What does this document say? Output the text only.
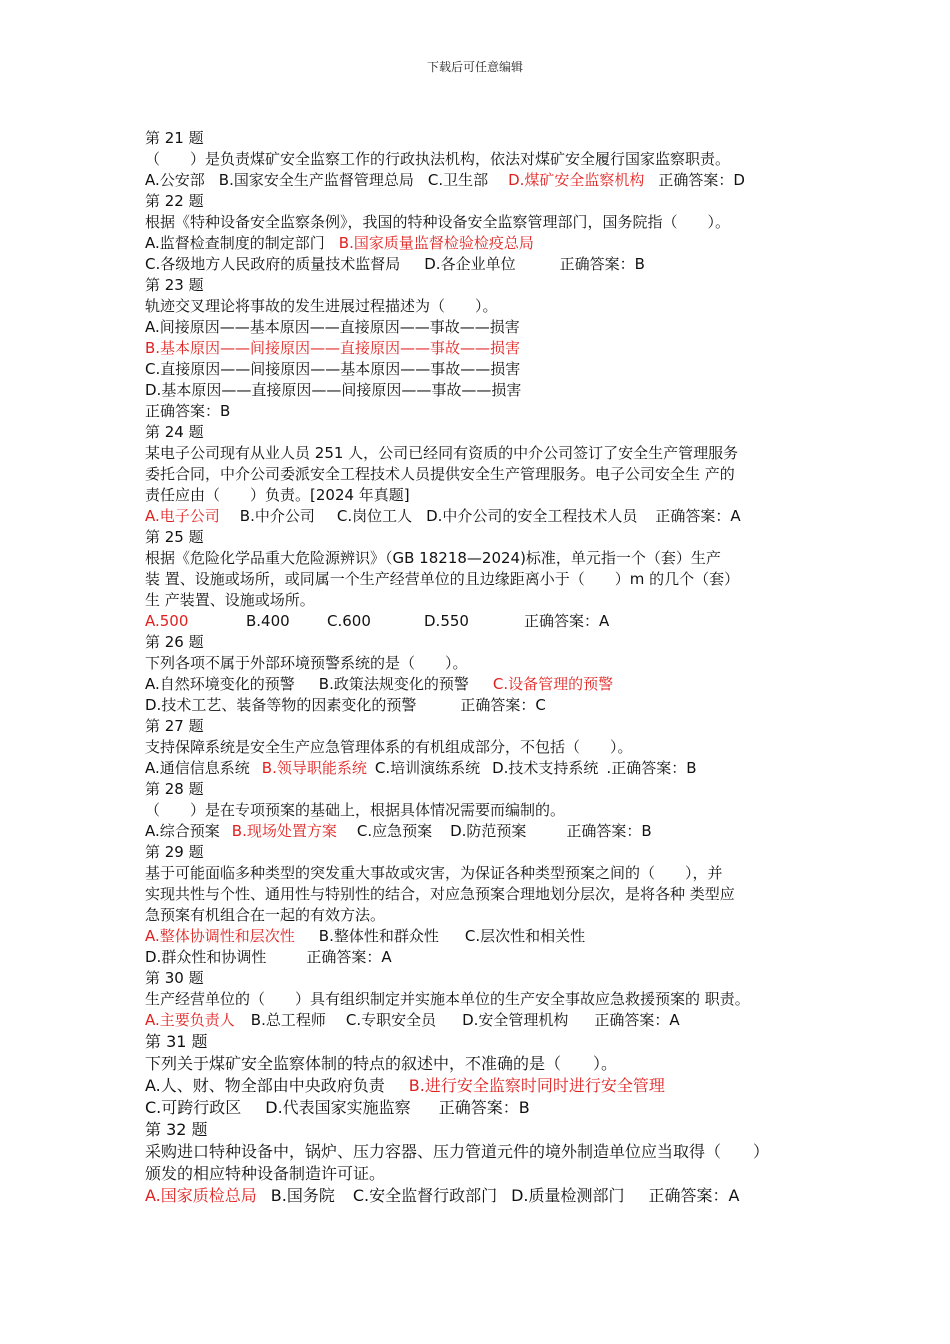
下载后可任意编辑
第 21 题
（　　）是负责煤矿安全监察工作的行政执法机构，依法对煤矿安全履行国家监察职责。
A.公安部 B.国家安全生产监督管理总局 C.卫生部 D.煤矿安全监察机构 正确答案：D
第 22 题
根据《特种设备安全监察条例》，我国的特种设备安全监察管理部门，国务院指（　　）。
A.监督检查制度的制定部门 B.国家质量监督检验检疫总局
C.各级地方人民政府的质量技术监督局 D.各企业单位	正确答案：B
第 23 题
轨迹交叉理论将事故的发生进展过程描述为（　　）。
A.间接原因——基本原因——直接原因——事故——损害
B.基本原因——间接原因——直接原因——事故——损害
C.直接原因——间接原因——基本原因——事故——损害
D.基本原因——直接原因——间接原因——事故——损害
正确答案：B
第 24 题
某电子公司现有从业人员 251 人，公司已经同有资质的中介公司签订了安全生产管理服务
委托合同，中介公司委派安全工程技术人员提供安全生产管理服务。电子公司安全生 产的
责任应由（　　）负责。[2024 年真题]
A.电子公司 B.中介公司 C.岗位工人 D.中介公司的安全工程技术人员 正确答案：A
第 25 题
根据《危险化学品重大危险源辨识》（GB 18218—2024)标准，单元指一个（套）生产
装 置、设施或场所，或同属一个生产经营单位的且边缘距离小于（　　）m 的几个（套）
生 产装置、设施或场所。
A.500	B.400 C.600	D.550	正确答案：A
第 26 题
下列各项不属于外部环境预警系统的是（　　）。
A.自然环境变化的预警 B.政策法规变化的预警 C.设备管理的预警
D.技术工艺、装备等物的因素变化的预警	正确答案：C
第 27 题
支持保障系统是安全生产应急管理体系的有机组成部分，不包括（　　）。
A.通信信息系统 B.领导职能系统 C.培训演练系统 D.技术支持系统 .正确答案：B
第 28 题
（　　）是在专项预案的基础上，根据具体情况需要而编制的。
A.综合预案 B.现场处置方案 C.应急预案 D.防范预案	正确答案：B
第 29 题
基于可能面临多种类型的突发重大事故或灾害，为保证各种类型预案之间的（　　），并
实现共性与个性、通用性与特别性的结合，对应急预案合理地划分层次，是将各种 类型应
急预案有机组合在一起的有效方法。
A.整体协调性和层次性 B.整体性和群众性 C.层次性和相关性
D.群众性和协调性	正确答案：A
第 30 题
生产经营单位的（　　）具有组织制定并实施本单位的生产安全事故应急救援预案的 职责。
A.主要负责人 B.总工程师 C.专职安全员 D.安全管理机构 正确答案：A
第 31 题
下列关于煤矿安全监察体制的特点的叙述中，不准确的是（　　）。
A.人、财、物全部由中央政府负责 B.进行安全监察时同时进行安全管理
C.可跨行政区 D.代表国家实施监察 正确答案：B
第 32 题
采购进口特种设备中，锅炉、压力容器、压力管道元件的境外制造单位应当取得（　　）
颁发的相应特种设备制造许可证。
A.国家质检总局 B.国务院 C.安全监督行政部门 D.质量检测部门 正确答案：A
